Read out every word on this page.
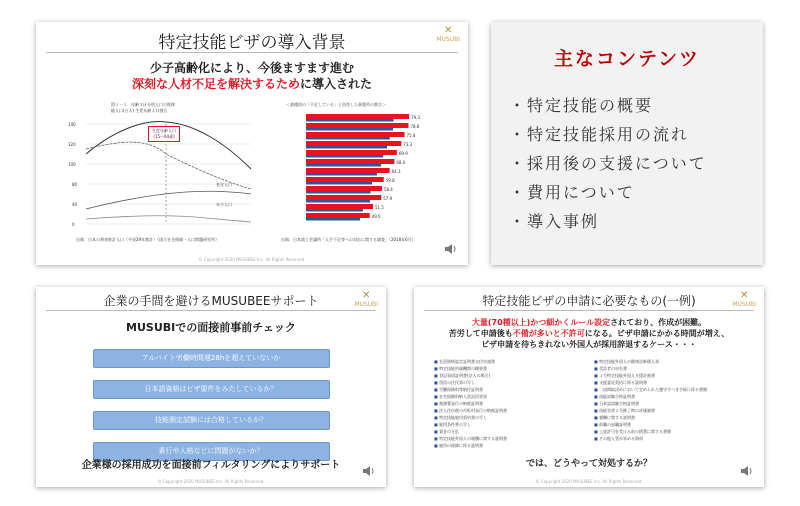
特定技能ビザの導入背景
✕
MUSUBI
少子高齢化により、今後ますます進む
深刻な人材不足を解決するために導入された
図１－１　年齢３区分別人口の推移
総人口(万人) 生産年齢人口割合
140
120
100
80
40
0
生産年齢人口
(15〜64歳)
老年人口
年少人口
＜業種別の「不足している」と回答した事業所の割合＞
79.3
78.8
75.8
73.3
69.9
68.0
64.3
59.8
58.4
57.9
51.5
49.0
出典：日本の将来推計人口（平成29年推計）（国立社会保障・人口問題研究所）	出典：日本商工会議所「人手不足等への対応に関する調査」（2018年6月）
© Copyright 2020 MUSUBEE Inc. All Rights Reserved.
主なコンテンツ
・ 特定技能の概要
・ 特定技能採用の流れ
・ 採用後の支援について
・ 費用について
・ 導入事例
企業の手間を避けるMUSUBEEサポート	✕
MUSUBI
MUSUBIでの面接前事前チェック
アルバイト労働時間週28hを超えていないか
日本語資格はビザ要件をみたしているか？
技能測定試験には合格しているか？
素行や人格などに問題がないか？
企業様の採用成功を面接前フィルタリングによりサポート
© Copyright 2020 MUSUBEE Inc. All Rights Reserved.
特定技能ビザの申請に必要なもの(一例)	✕
MUSUBI
大量(70種以上)かつ細かくルール設定されており、作成が困難。
苦労して申請後も不備が多いと不許可になる。ビザ申請にかかる時間が増え、
ビザ申請を待ちきれない外国人が採用辞退するケース・・・
■ 在留資格認定証明書交付申請書
■ 特定技能所属機関の概要書
■ 登記事項証明書(法人の場合)
■ 役員の住民票の写し
■ 労働保険料等納付証明書
■ 社会保険料納入状況回答票
■ 税務署発行の納税証明書
■ 法人住民税の市町村発行の納税証明書
■ 特定技能雇用契約書の写し
■ 雇用条件書の写し
■ 賃金の支払
■ 特定技能外国人の報酬に関する説明書
■ 雇用の経緯に係る説明書
■ 特定技能外国人の健康診断個人票
■ 受診者の申告書
■ １号特定技能外国人支援計画書
■ 支援委託契約に係る説明書
■ 二国間取決めにおいて定められた遵守すべき手続に係る書類
■ 技能試験合格証明書
■ 日本語試験合格証明書
■ 技能実習２号修了時の評価調書
■ 報酬に関する説明書
■ 前職の退職証明書
■ 上陸許可を受ける前の措置に関する書類
■ その他入管が求める資料
では、どうやって対処するか？
© Copyright 2020 MUSUBEE Inc. All Rights Reserved.
